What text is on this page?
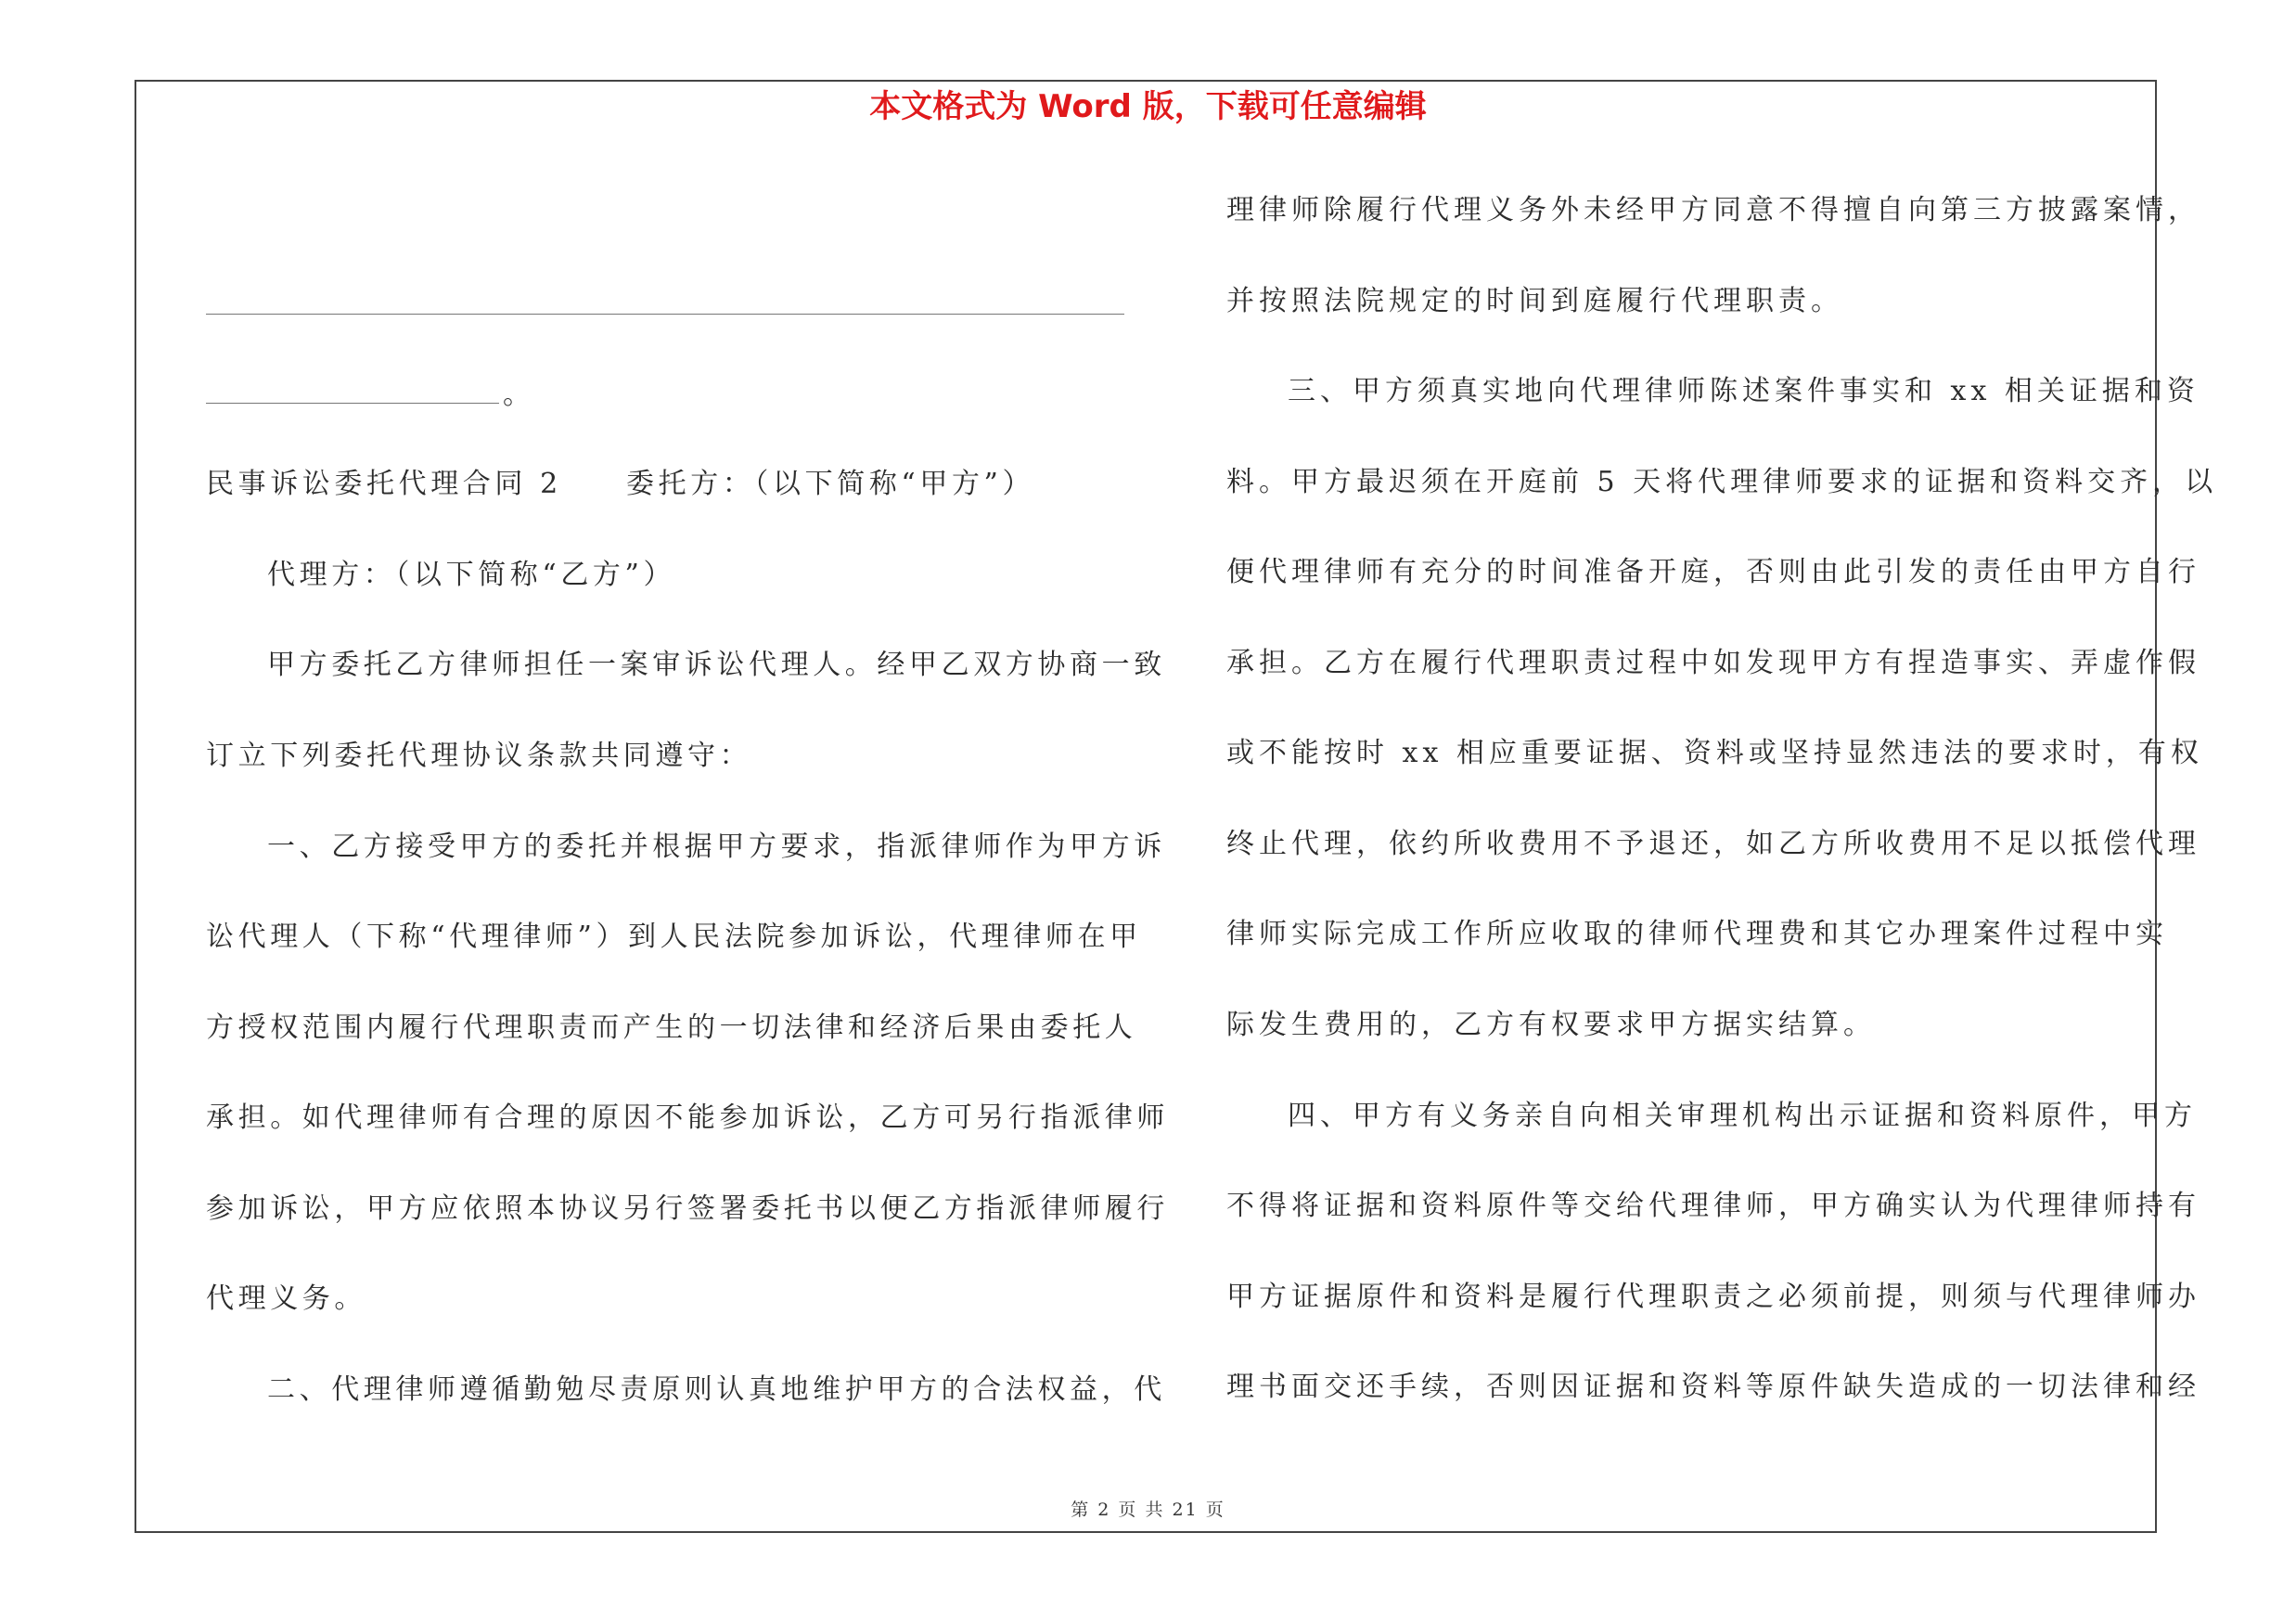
本文格式为 Word 版，下载可任意编辑
。
民事诉讼委托代理合同 2　　委托方：（以下简称“甲方”）
代理方：（以下简称“乙方”）
甲方委托乙方律师担任一案审诉讼代理人。经甲乙双方协商一致
订立下列委托代理协议条款共同遵守：
一、乙方接受甲方的委托并根据甲方要求，指派律师作为甲方诉
讼代理人（下称“代理律师”）到人民法院参加诉讼，代理律师在甲
方授权范围内履行代理职责而产生的一切法律和经济后果由委托人
承担。如代理律师有合理的原因不能参加诉讼，乙方可另行指派律师
参加诉讼，甲方应依照本协议另行签署委托书以便乙方指派律师履行
代理义务。
二、代理律师遵循勤勉尽责原则认真地维护甲方的合法权益，代
理律师除履行代理义务外未经甲方同意不得擅自向第三方披露案情，
并按照法院规定的时间到庭履行代理职责。
三、甲方须真实地向代理律师陈述案件事实和 xx 相关证据和资
料。甲方最迟须在开庭前 5 天将代理律师要求的证据和资料交齐，以
便代理律师有充分的时间准备开庭，否则由此引发的责任由甲方自行
承担。乙方在履行代理职责过程中如发现甲方有捏造事实、弄虚作假
或不能按时 xx 相应重要证据、资料或坚持显然违法的要求时，有权
终止代理，依约所收费用不予退还，如乙方所收费用不足以抵偿代理
律师实际完成工作所应收取的律师代理费和其它办理案件过程中实
际发生费用的，乙方有权要求甲方据实结算。
四、甲方有义务亲自向相关审理机构出示证据和资料原件，甲方
不得将证据和资料原件等交给代理律师，甲方确实认为代理律师持有
甲方证据原件和资料是履行代理职责之必须前提，则须与代理律师办
理书面交还手续，否则因证据和资料等原件缺失造成的一切法律和经
第 2 页 共 21 页
